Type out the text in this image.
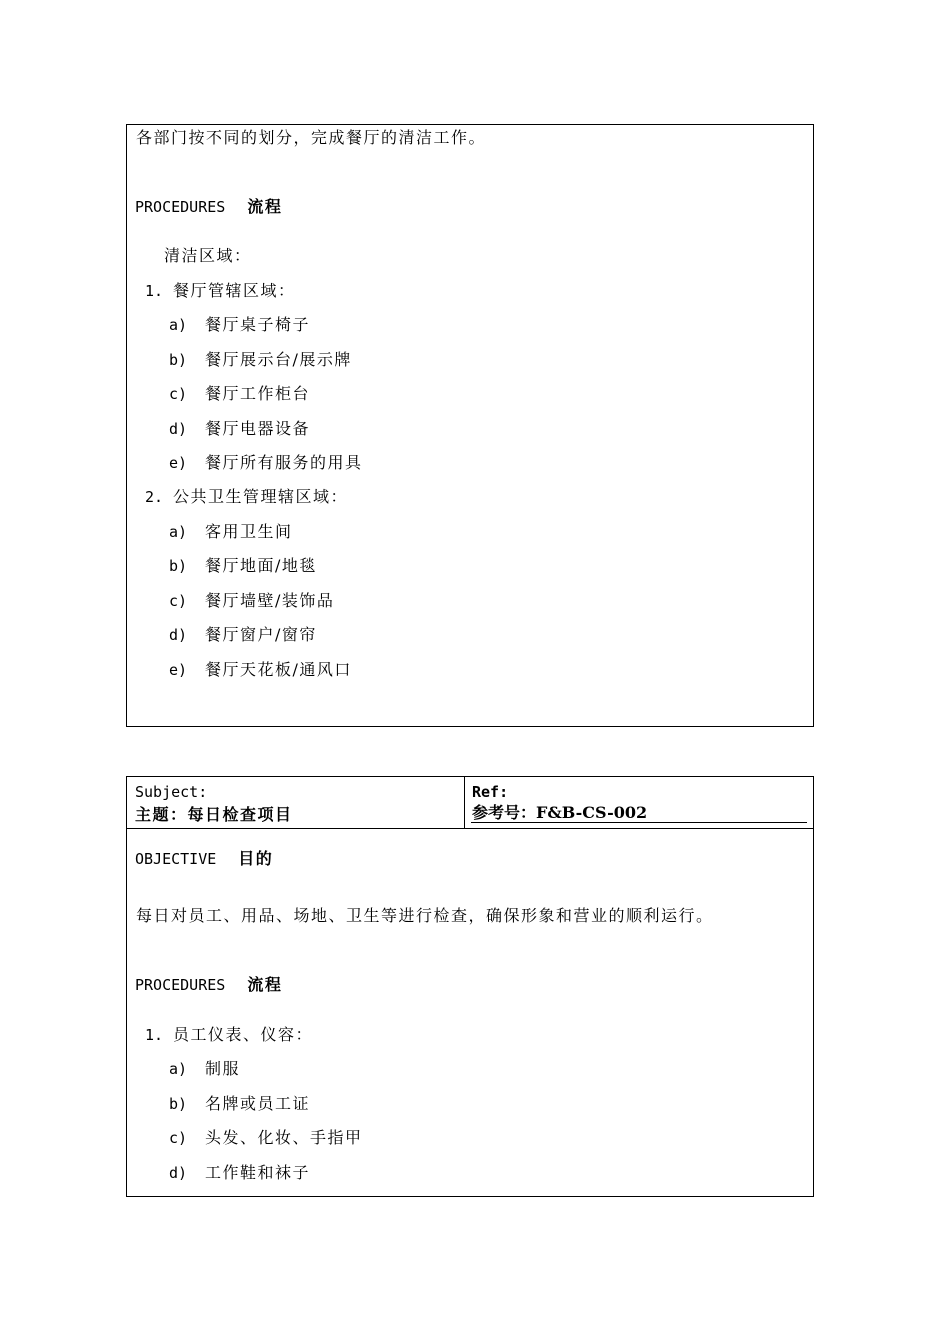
各部门按不同的划分，完成餐厅的清洁工作。
PROCEDURES 流程
清洁区域：
1. 餐厅管辖区域：
a) 餐厅桌子椅子
b) 餐厅展示台/展示牌
c) 餐厅工作柜台
d) 餐厅电器设备
e) 餐厅所有服务的用具
2. 公共卫生管理辖区域：
a) 客用卫生间
b) 餐厅地面/地毯
c) 餐厅墙壁/装饰品
d) 餐厅窗户/窗帘
e) 餐厅天花板/通风口
Subject:
主题：每日检查项目
Ref:
参考号：F&B-CS-002
OBJECTIVE 目的
每日对员工、用品、场地、卫生等进行检查，确保形象和营业的顺利运行。
PROCEDURES 流程
1. 员工仪表、仪容：
a) 制服
b) 名牌或员工证
c) 头发、化妆、手指甲
d) 工作鞋和袜子
